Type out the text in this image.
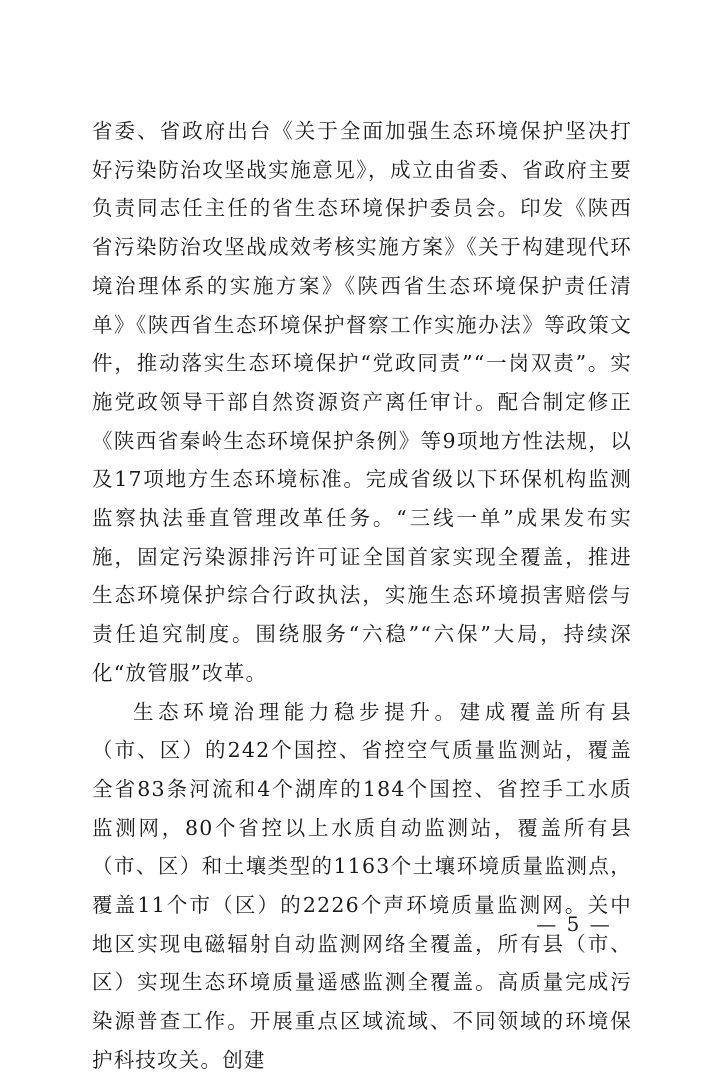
省委、省政府出台《关于全面加强生态环境保护坚决打好污染防治攻坚战实施意见》，成立由省委、省政府主要负责同志任主任的省生态环境保护委员会。印发《陕西省污染防治攻坚战成效考核实施方案》《关于构建现代环境治理体系的实施方案》《陕西省生态环境保护责任清单》《陕西省生态环境保护督察工作实施办法》等政策文件，推动落实生态环境保护“党政同责”“一岗双责”。实施党政领导干部自然资源资产离任审计。配合制定修正《陕西省秦岭生态环境保护条例》等9项地方性法规，以及17项地方生态环境标准。完成省级以下环保机构监测监察执法垂直管理改革任务。“三线一单”成果发布实施，固定污染源排污许可证全国首家实现全覆盖，推进生态环境保护综合行政执法，实施生态环境损害赔偿与责任追究制度。围绕服务“六稳”“六保”大局，持续深化“放管服”改革。

生态环境治理能力稳步提升。建成覆盖所有县（市、区）的242个国控、省控空气质量监测站，覆盖全省83条河流和4个湖库的184个国控、省控手工水质监测网，80个省控以上水质自动监测站，覆盖所有县（市、区）和土壤类型的1163个土壤环境质量监测点，覆盖11个市（区）的2226个声环境质量监测网。关中地区实现电磁辐射自动监测网络全覆盖，所有县（市、区）实现生态环境质量遥感监测全覆盖。高质量完成污染源普查工作。开展重点区域流域、不同领域的环境保护科技攻关。创建

— 5 —
